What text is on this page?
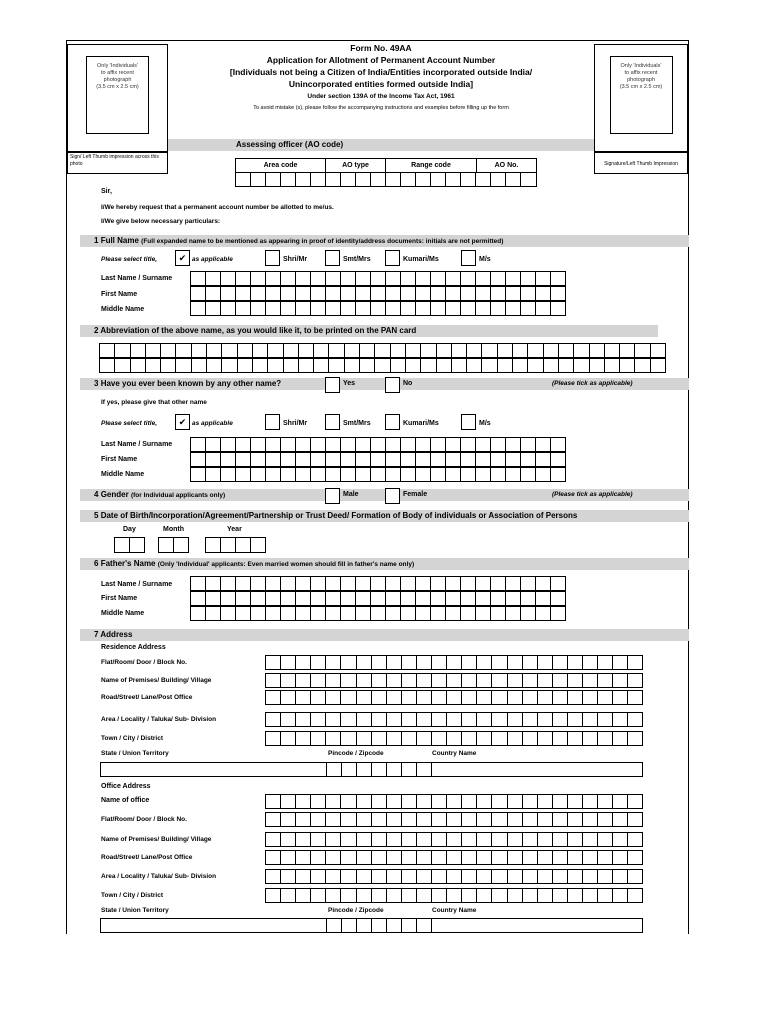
Only 'Individuals'
to affix recent
photograph
(3.5 cm x 2.5 cm)
Sign/ Left Thumb impression across this photo
Only 'Individuals'
to affix recent
photograph
(3.5 cm x 2.5 cm)
Signature/Left Thumb Impression
Form No. 49AA
Application for Allotment of Permanent Account Number
[Individuals not being a Citizen of India/Entities incorporated outside India/
Unincorporated entities formed outside India]
Under section 139A of the Income Tax Act, 1961
To avoid mistake (s), please follow the accompanying instructions and examples before filling up the form
Assessing officer (AO code)
Area code	AO type	Range code	AO No.
Sir,
I/We hereby request that a permanent account number be allotted to me/us.
I/We give below necessary particulars:
1 Full Name (Full expanded name to be mentioned as appearing in proof of identity/address documents: initials are not permitted)
Please select title,	✔ as applicable	Shri/Mr	Smt/Mrs	Kumari/Ms	M/s
Last Name / Surname
First Name
Middle Name
2 Abbreviation of the above name, as you would like it, to be printed on the PAN card
3 Have you ever been known by any other name?	(Please tick as applicable)
Yes	No
If yes, please give that other name
Please select title,	✔ as applicable	Shri/Mr	Smt/Mrs	Kumari/Ms	M/s
Last Name / Surname
First Name
Middle Name
4 Gender (for Individual applicants only)	(Please tick as applicable)
Male	Female
5 Date of Birth/Incorporation/Agreement/Partnership or Trust Deed/ Formation of Body of individuals or Association of Persons
Day	Month	Year
6 Father's Name (Only 'Individual' applicants: Even married women should fill in father's name only)
Last Name / Surname
First Name
Middle Name
7 Address
Residence Address
Flat/Room/ Door / Block No.
Name of Premises/ Building/ Village
Road/Street/ Lane/Post Office
Area / Locality / Taluka/ Sub- Division
Town / City / District
State / Union Territory	Pincode / Zipcode	Country Name
Office Address
Name of office
Flat/Room/ Door / Block No.
Name of Premises/ Building/ Village
Road/Street/ Lane/Post Office
Area / Locality / Taluka/ Sub- Division
Town / City / District
State / Union Territory	Pincode / Zipcode	Country Name
